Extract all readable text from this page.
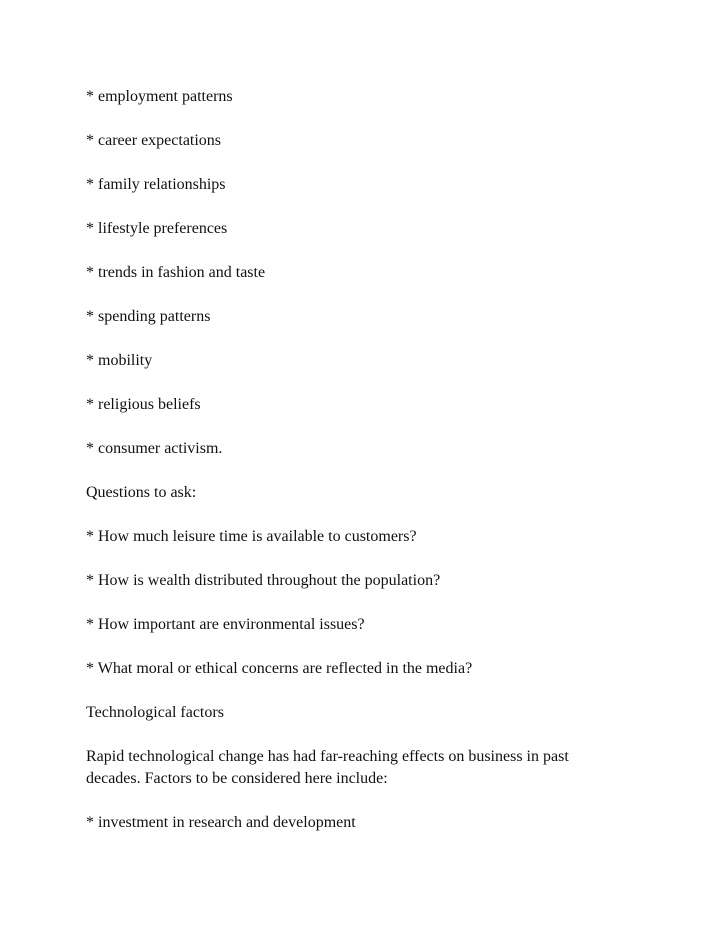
* employment patterns
* career expectations
* family relationships
* lifestyle preferences
* trends in fashion and taste
* spending patterns
* mobility
* religious beliefs
* consumer activism.
Questions to ask:
* How much leisure time is available to customers?
* How is wealth distributed throughout the population?
* How important are environmental issues?
* What moral or ethical concerns are reflected in the media?
Technological factors
Rapid technological change has had far-reaching effects on business in past
decades. Factors to be considered here include:
* investment in research and development
